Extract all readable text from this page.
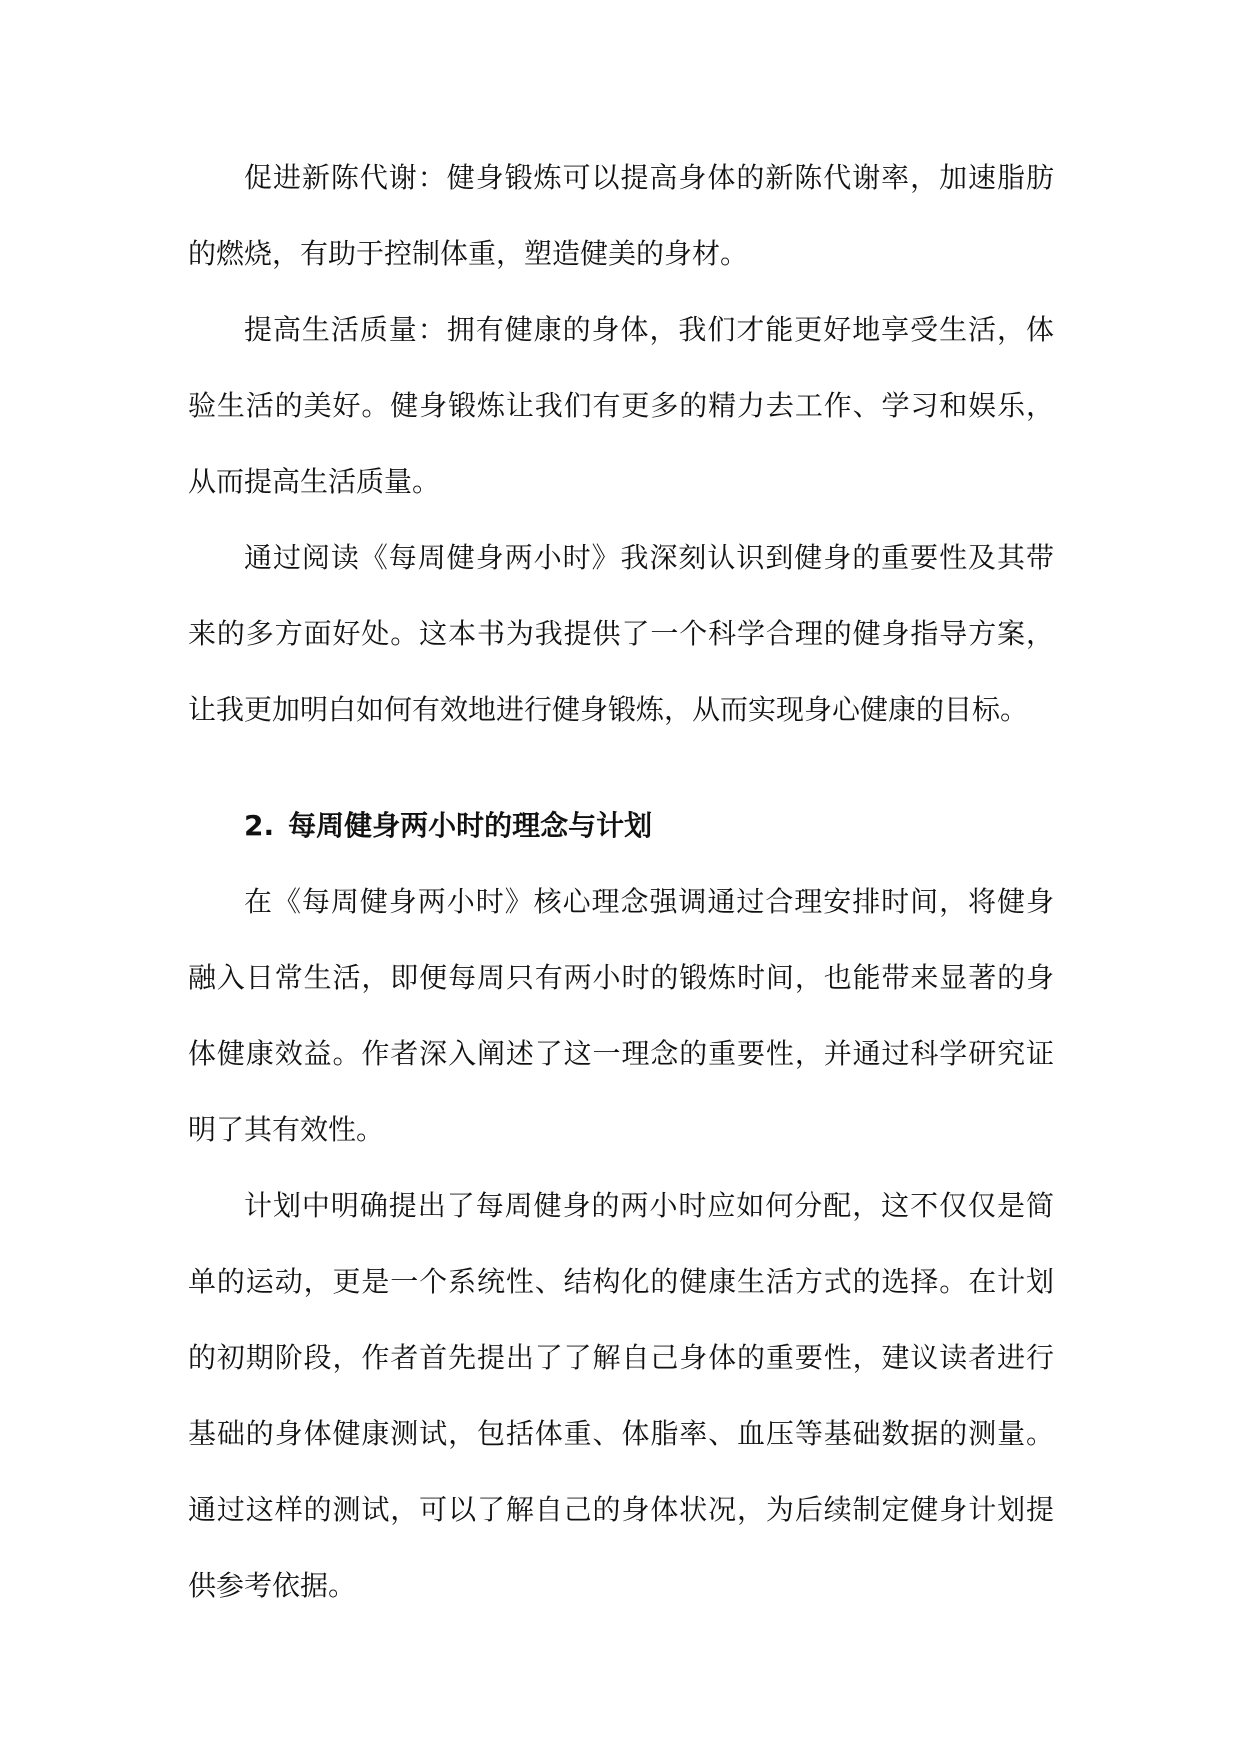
促进新陈代谢：健身锻炼可以提高身体的新陈代谢率，加速脂肪的燃烧，有助于控制体重，塑造健美的身材。

提高生活质量：拥有健康的身体，我们才能更好地享受生活，体验生活的美好。健身锻炼让我们有更多的精力去工作、学习和娱乐，从而提高生活质量。

通过阅读《每周健身两小时》我深刻认识到健身的重要性及其带来的多方面好处。这本书为我提供了一个科学合理的健身指导方案，让我更加明白如何有效地进行健身锻炼，从而实现身心健康的目标。

2. 每周健身两小时的理念与计划

在《每周健身两小时》核心理念强调通过合理安排时间，将健身融入日常生活，即便每周只有两小时的锻炼时间，也能带来显著的身体健康效益。作者深入阐述了这一理念的重要性，并通过科学研究证明了其有效性。

计划中明确提出了每周健身的两小时应如何分配，这不仅仅是简单的运动，更是一个系统性、结构化的健康生活方式的选择。在计划的初期阶段，作者首先提出了了解自己身体的重要性，建议读者进行基础的身体健康测试，包括体重、体脂率、血压等基础数据的测量。通过这样的测试，可以了解自己的身体状况，为后续制定健身计划提供参考依据。
